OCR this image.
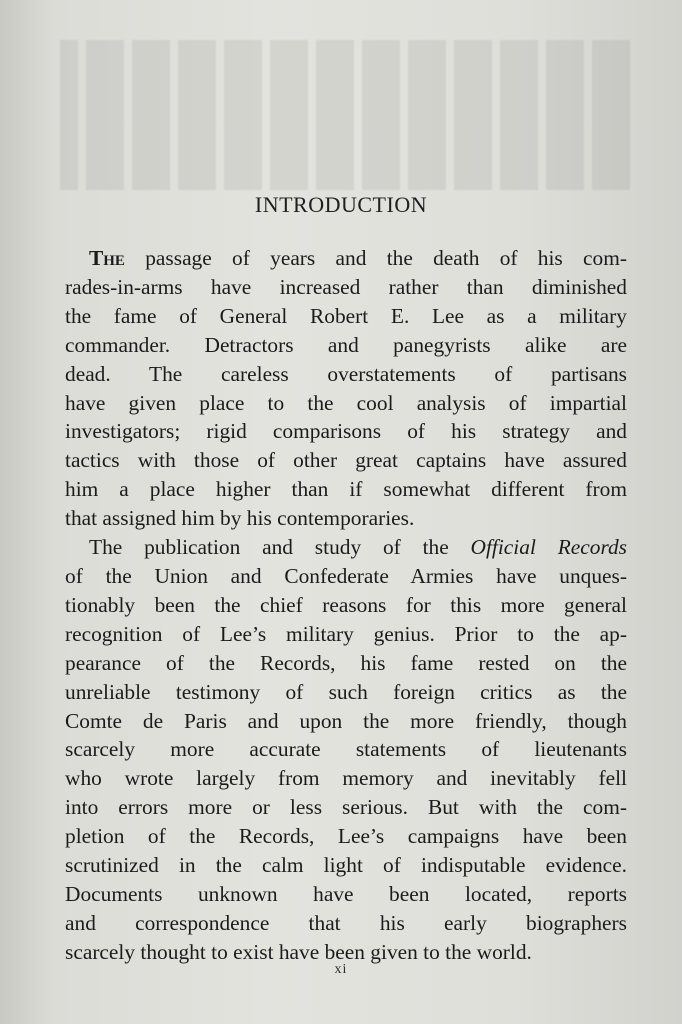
INTRODUCTION
The passage of years and the death of his com-
rades-in-arms have increased rather than diminished
the fame of General Robert E. Lee as a military
commander. Detractors and panegyrists alike are
dead. The careless overstatements of partisans
have given place to the cool analysis of impartial
investigators; rigid comparisons of his strategy and
tactics with those of other great captains have assured
him a place higher than if somewhat different from
that assigned him by his contemporaries.
The publication and study of the Official Records
of the Union and Confederate Armies have unques-
tionably been the chief reasons for this more general
recognition of Lee’s military genius. Prior to the ap-
pearance of the Records, his fame rested on the
unreliable testimony of such foreign critics as the
Comte de Paris and upon the more friendly, though
scarcely more accurate statements of lieutenants
who wrote largely from memory and inevitably fell
into errors more or less serious. But with the com-
pletion of the Records, Lee’s campaigns have been
scrutinized in the calm light of indisputable evidence.
Documents unknown have been located, reports
and correspondence that his early biographers
scarcely thought to exist have been given to the world.
xi
